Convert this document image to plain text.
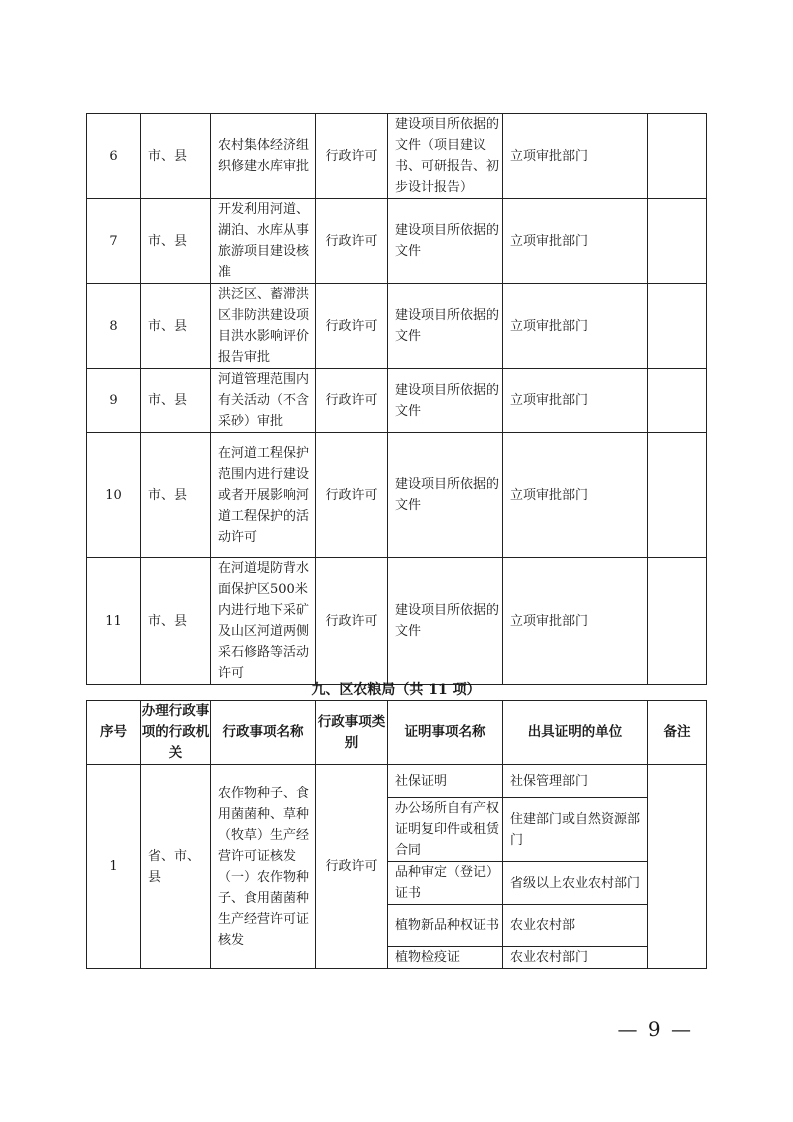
6	市、县	农村集体经济组织修建水库审批	行政许可	建设项目所依据的文件（项目建议书、可研报告、初步设计报告）	立项审批部门	
7	市、县	开发利用河道、湖泊、水库从事旅游项目建设核准	行政许可	建设项目所依据的文件	立项审批部门	
8	市、县	洪泛区、蓄滞洪区非防洪建设项目洪水影响评价报告审批	行政许可	建设项目所依据的文件	立项审批部门	
9	市、县	河道管理范围内有关活动（不含采砂）审批	行政许可	建设项目所依据的文件	立项审批部门	
10	市、县	在河道工程保护范围内进行建设或者开展影响河道工程保护的活动许可	行政许可	建设项目所依据的文件	立项审批部门	
11	市、县	在河道堤防背水面保护区500米内进行地下采矿及山区河道两侧采石修路等活动许可	行政许可	建设项目所依据的文件	立项审批部门	
九、区农粮局（共 11 项）
序号	办理行政事项的行政机关	行政事项名称	行政事项类别	证明事项名称	出具证明的单位	备注
1	省、市、县	农作物种子、食用菌菌种、草种（牧草）生产经营许可证核发（一）农作物种子、食用菌菌种生产经营许可证核发	行政许可	社保证明	社保管理部门	
				办公场所自有产权证明复印件或租赁合同	住建部门或自然资源部门	
				品种审定（登记）证书	省级以上农业农村部门	
				植物新品种权证书	农业农村部	
				植物检疫证	农业农村部门	
— 9 —
